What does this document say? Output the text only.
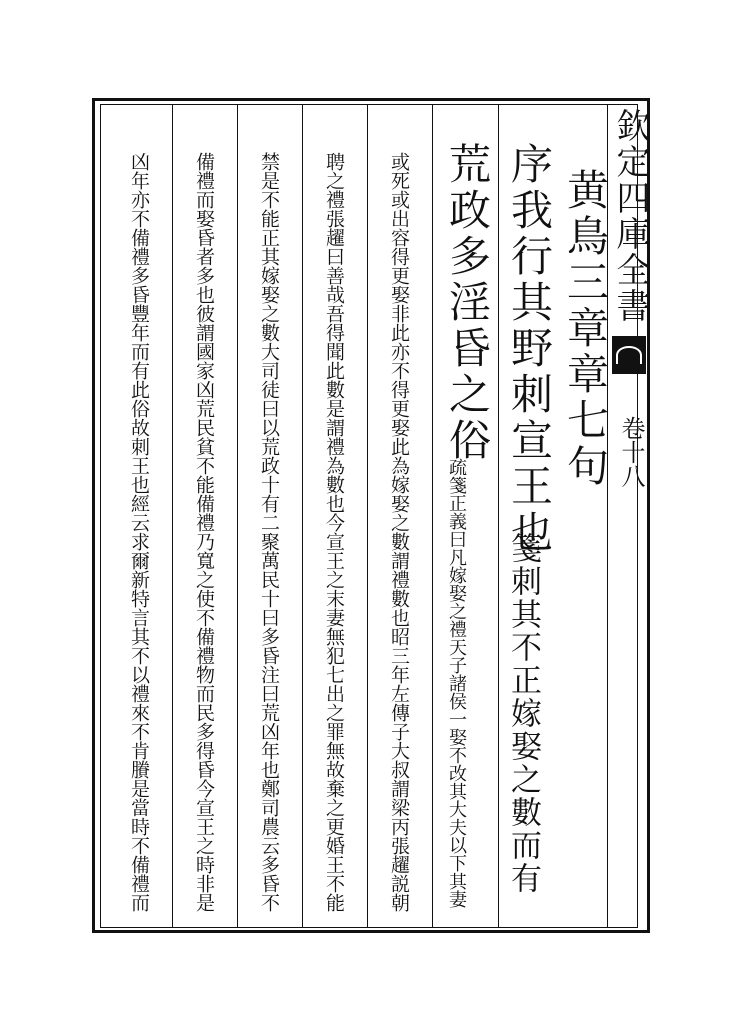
欽定四庫全書
卷十八
黄鳥三章章七句
序我行其野刺宣王也
箋刺其不正嫁娶之數而有
荒政多淫昏之俗
疏箋正義曰凡嫁娶之禮天子諸侯一娶不改其大夫以下其妻
或死或出容得更娶非此亦不得更娶此為嫁娶之數謂禮數也昭三年左傳子大叔謂梁丙張趯説朝
聘之禮張趯曰善哉吾得聞此數是謂禮為數也今宣王之末妻無犯七出之罪無故棄之更婚王不能
禁是不能正其嫁娶之數大司徒曰以荒政十有二聚萬民十曰多昏注曰荒凶年也鄭司農云多昏不
備禮而娶昏者多也彼謂國家凶荒民貧不能備禮乃寬之使不備禮物而民多得昏今宣王之時非是
凶年亦不備禮多昏豐年而有此俗故刺王也經云求爾新特言其不以禮來不肯賸是當時不備禮而
